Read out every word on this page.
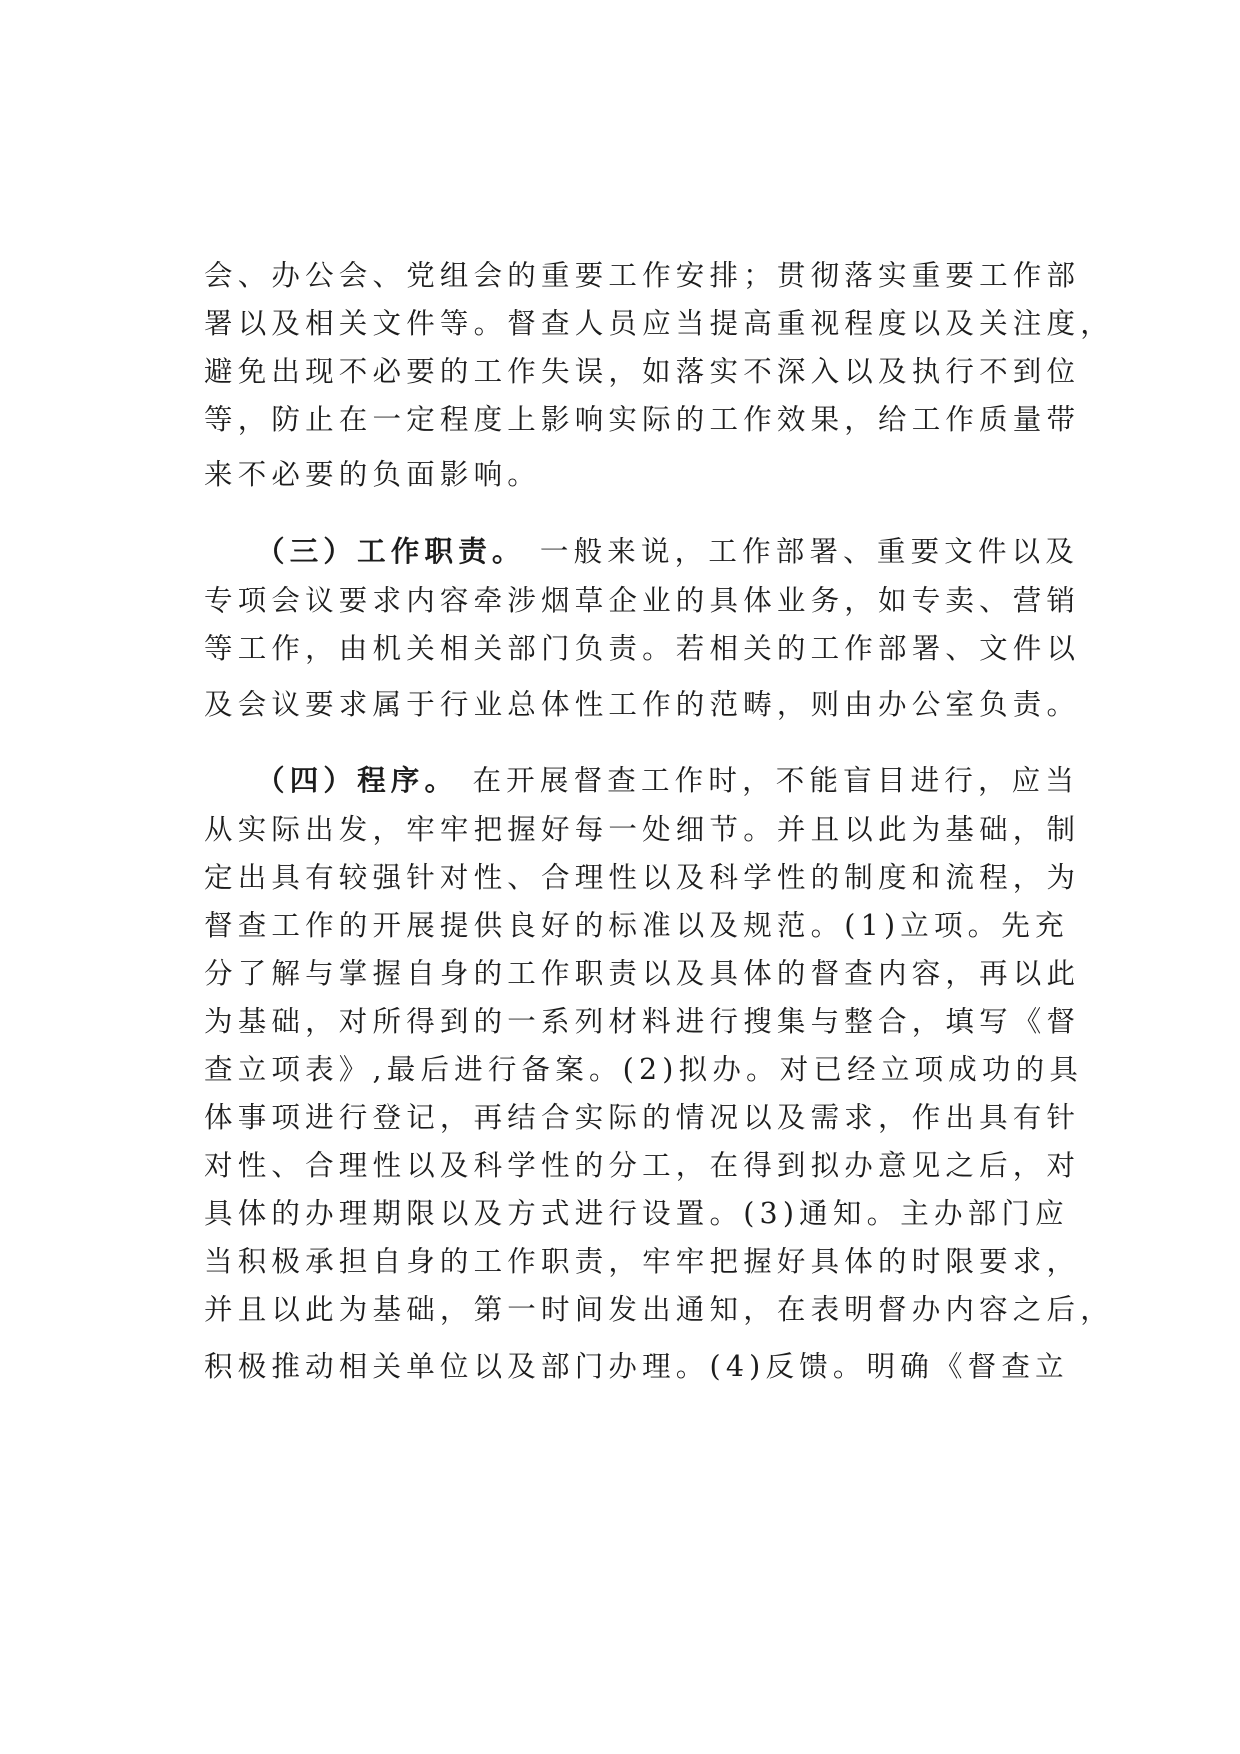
会、办公会、党组会的重要工作安排；贯彻落实重要工作部
署以及相关文件等。督查人员应当提高重视程度以及关注度，
避免出现不必要的工作失误，如落实不深入以及执行不到位
等，防止在一定程度上影响实际的工作效果，给工作质量带
来不必要的负面影响。
（三）工作职责。 一般来说，工作部署、重要文件以及
专项会议要求内容牵涉烟草企业的具体业务，如专卖、营销
等工作，由机关相关部门负责。若相关的工作部署、文件以
及会议要求属于行业总体性工作的范畴，则由办公室负责。
（四）程序。 在开展督查工作时，不能盲目进行，应当
从实际出发，牢牢把握好每一处细节。并且以此为基础，制
定出具有较强针对性、合理性以及科学性的制度和流程，为
督查工作的开展提供良好的标准以及规范。(1)立项。先充
分了解与掌握自身的工作职责以及具体的督查内容，再以此
为基础，对所得到的一系列材料进行搜集与整合，填写《督
查立项表》,最后进行备案。(2)拟办。对已经立项成功的具
体事项进行登记，再结合实际的情况以及需求，作出具有针
对性、合理性以及科学性的分工，在得到拟办意见之后，对
具体的办理期限以及方式进行设置。(3)通知。主办部门应
当积极承担自身的工作职责，牢牢把握好具体的时限要求，
并且以此为基础，第一时间发出通知，在表明督办内容之后，
积极推动相关单位以及部门办理。(4)反馈。明确《督查立
